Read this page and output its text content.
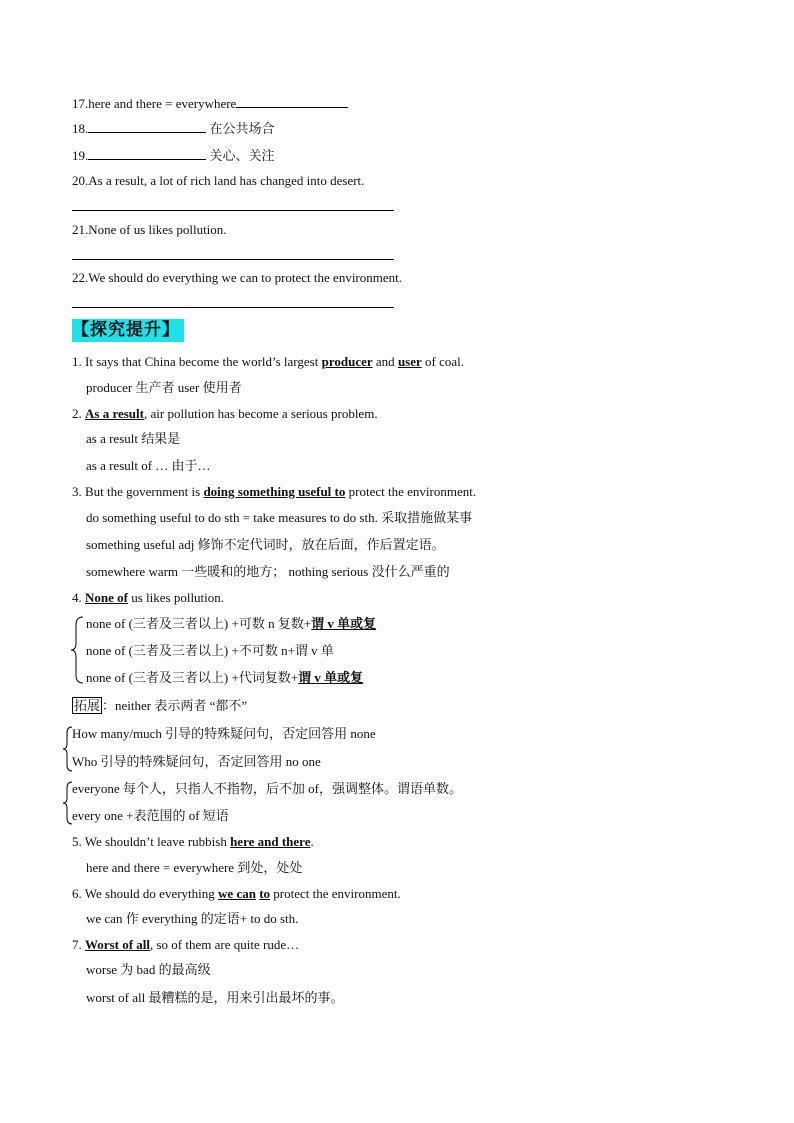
17.here and there = everywhere
18.	在公共场合
19.	关心、关注
20.As a result, a lot of rich land has changed into desert.
21.None of us likes pollution.
22.We should do everything we can to protect the environment.
【探究提升】
1. It says that China become the world’s largest producer and user of coal.
producer 生产者 user 使用者
2. As a result, air pollution has become a serious problem.
as a result 结果是
as a result of … 由于…
3. But the government is doing something useful to protect the environment.
do something useful to do sth = take measures to do sth. 采取措施做某事
something useful adj 修饰不定代词时，放在后面，作后置定语。
somewhere warm 一些暖和的地方； nothing serious 没什么严重的
4. None of us likes pollution.
none of (三者及三者以上) +可数 n 复数+谓 v 单或复
none of (三者及三者以上) +不可数 n+谓 v 单
none of (三者及三者以上) +代词复数+谓 v 单或复
拓展 ：neither 表示两者 “都不”
How many/much 引导的特殊疑问句，否定回答用 none
Who 引导的特殊疑问句，否定回答用 no one
everyone 每个人，只指人不指物，后不加 of，强调整体。谓语单数。
every one +表范围的 of 短语
5. We shouldn’t leave rubbish here and there.
here and there = everywhere 到处，处处
6. We should do everything we can to protect the environment.
we can 作 everything 的定语+ to do sth.
7. Worst of all, so of them are quite rude…
worse 为 bad 的最高级
worst of all 最糟糕的是，用来引出最坏的事。
